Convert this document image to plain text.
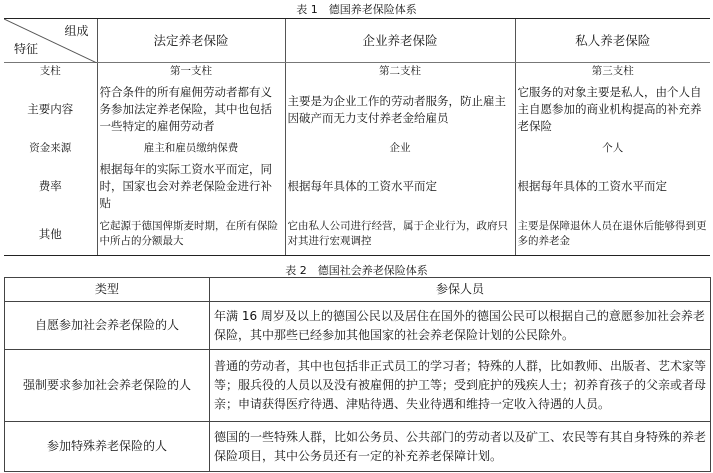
表 1　德国养老保险体系
组成
特征	法定养老保险	企业养老保险	私人养老保险
支柱	第一支柱	第二支柱	第三支柱
主要内容	符合条件的所有雇佣劳动者都有义务参加法定养老保险，其中也包括一些特定的雇佣劳动者	主要是为企业工作的劳动者服务，防止雇主因破产而无力支付养老金给雇员	它服务的对象主要是私人，由个人自主自愿参加的商业机构提高的补充养老保险
资金来源	雇主和雇员缴纳保费	企业	个人
费率	根据每年的实际工资水平而定，同时，国家也会对养老保险金进行补贴	根据每年具体的工资水平而定	根据每年具体的工资水平而定
其他	它起源于德国俾斯麦时期，在所有保险中所占的分额最大	它由私人公司进行经营，属于企业行为，政府只对其进行宏观调控	主要是保障退休人员在退休后能够得到更多的养老金
表 2　德国社会养老保险体系
类型	参保人员
自愿参加社会养老保险的人	年满 16 周岁及以上的德国公民以及居住在国外的德国公民可以根据自己的意愿参加社会养老保险，其中那些已经参加其他国家的社会养老保险计划的公民除外。
强制要求参加社会养老保险的人	普通的劳动者，其中也包括非正式员工的学习者；特殊的人群，比如教师、出版者、艺术家等等；服兵役的人员以及没有被雇佣的护工等；受到庇护的残疾人士；初养育孩子的父亲或者母亲；申请获得医疗待遇、津贴待遇、失业待遇和维持一定收入待遇的人员。
参加特殊养老保险的人	德国的一些特殊人群，比如公务员、公共部门的劳动者以及矿工、农民等有其自身特殊的养老保险项目，其中公务员还有一定的补充养老保障计划。
